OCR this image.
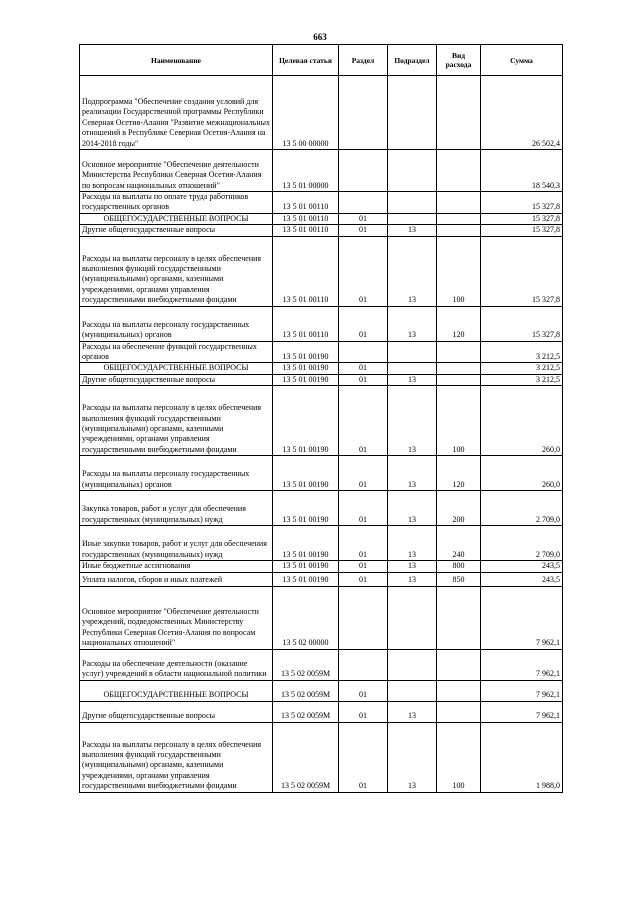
663
Наименование	Целевая статья	Раздел	Подраздел	Вид расхода	Сумма
Подпрограмма "Обеспечение создания условий для реализации Государственной программы Республики Северная Осетия-Алания "Развитие межнациональных отношений в Республике Северная Осетия-Алания на 2014-2018 годы"	13 5 00 00000				26 502,4
Основное мероприятие "Обеспечение деятельности Министерства Республики Северная Осетия-Алания по вопросам национальных отношений"	13 5 01 00000				18 540,3
Расходы на выплаты по оплате труда работников государственных органов	13 5 01 00110				15 327,8
ОБЩЕГОСУДАРСТВЕННЫЕ ВОПРОСЫ	13 5 01 00110	01			15 327,8
Другие общегосударственные вопросы	13 5 01 00110	01	13		15 327,8
Расходы на выплаты персоналу в целях обеспечения выполнения функций государственными (муниципальными) органами, казенными учреждениями, органами управления государственными внебюджетными фондами	13 5 01 00110	01	13	100	15 327,8
Расходы на выплаты персоналу государственных (муниципальных) органов	13 5 01 00110	01	13	120	15 327,8
Расходы на обеспечение функций государственных органов	13 5 01 00190				3 212,5
ОБЩЕГОСУДАРСТВЕННЫЕ ВОПРОСЫ	13 5 01 00190	01			3 212,5
Другие общегосударственные вопросы	13 5 01 00190	01	13		3 212,5
Расходы на выплаты персоналу в целях обеспечения выполнения функций государственными (муниципальными) органами, казенными учреждениями, органами управления государственными внебюджетными фондами	13 5 01 00190	01	13	100	260,0
Расходы на выплаты персоналу государственных (муниципальных) органов	13 5 01 00190	01	13	120	260,0
Закупка товаров, работ и услуг для обеспечения государственных (муниципальных) нужд	13 5 01 00190	01	13	200	2 709,0
Иные закупки товаров, работ и услуг для обеспечения государственных (муниципальных) нужд	13 5 01 00190	01	13	240	2 709,0
Иные бюджетные ассигнования	13 5 01 00190	01	13	800	243,5
Уплата налогов, сборов и иных платежей	13 5 01 00190	01	13	850	243,5
Основное мероприятие "Обеспечение деятельности учреждений, подведомственных Министерству Республики Северная Осетия-Алания по вопросам национальных отношений"	13 5 02 00000				7 962,1
Расходы на обеспечение деятельности (оказание услуг) учреждений в области национальной политики	13 5 02 0059М				7 962,1
ОБЩЕГОСУДАРСТВЕННЫЕ ВОПРОСЫ	13 5 02 0059М	01			7 962,1
Другие общегосударственные вопросы	13 5 02 0059М	01	13		7 962,1
Расходы на выплаты персоналу в целях обеспечения выполнения функций государственными (муниципальными) органами, казенными учреждениями, органами управления государственными внебюджетными фондами	13 5 02 0059М	01	13	100	1 988,0
